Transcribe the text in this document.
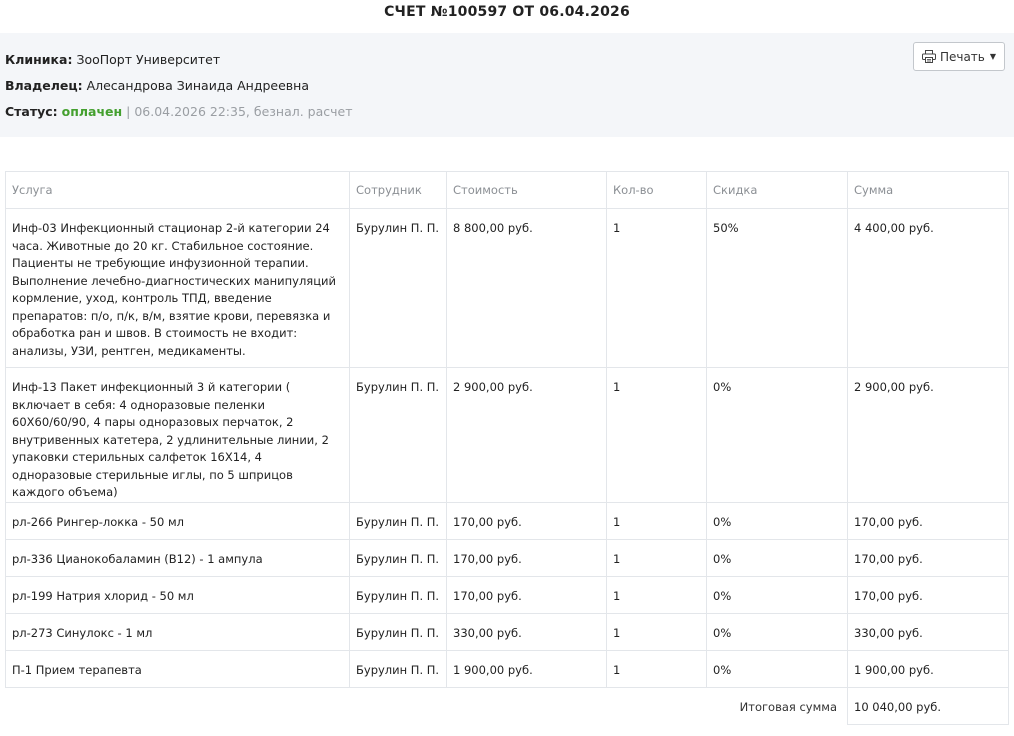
СЧЕТ №100597 ОТ 06.04.2026
Клиника: ЗооПорт Университет
Владелец: Алесандрова Зинаида Андреевна
Статус: оплачен | 06.04.2026 22:35, безнал. расчет
Печать ▼
Услуга	Сотрудник	Стоимость	Кол-во	Скидка	Сумма
Инф-03 Инфекционный стационар 2-й категории 24 часа. Животные до 20 кг. Стабильное состояние. Пациенты не требующие инфузионной терапии. Выполнение лечебно-диагностических манипуляций кормление, уход, контроль ТПД, введение препаратов: п/о, п/к, в/м, взятие крови, перевязка и обработка ран и швов. В стоимость не входит: анализы, УЗИ, рентген, медикаменты.	Бурулин П. П.	8 800,00 руб.	1	50%	4 400,00 руб.
Инф-13 Пакет инфекционный 3 й категории ( включает в себя: 4 одноразовые пеленки 60Х60/60/90, 4 пары одноразовых перчаток, 2 внутривенных катетера, 2 удлинительные линии, 2 упаковки стерильных салфеток 16Х14, 4 одноразовые стерильные иглы, по 5 шприцов каждого объема)	Бурулин П. П.	2 900,00 руб.	1	0%	2 900,00 руб.
рл-266 Рингер-локка - 50 мл	Бурулин П. П.	170,00 руб.	1	0%	170,00 руб.
рл-336 Цианокобаламин (B12) - 1 ампула	Бурулин П. П.	170,00 руб.	1	0%	170,00 руб.
рл-199 Натрия хлорид - 50 мл	Бурулин П. П.	170,00 руб.	1	0%	170,00 руб.
рл-273 Синулокс - 1 мл	Бурулин П. П.	330,00 руб.	1	0%	330,00 руб.
П-1 Прием терапевта	Бурулин П. П.	1 900,00 руб.	1	0%	1 900,00 руб.
Итоговая сумма					10 040,00 руб.
